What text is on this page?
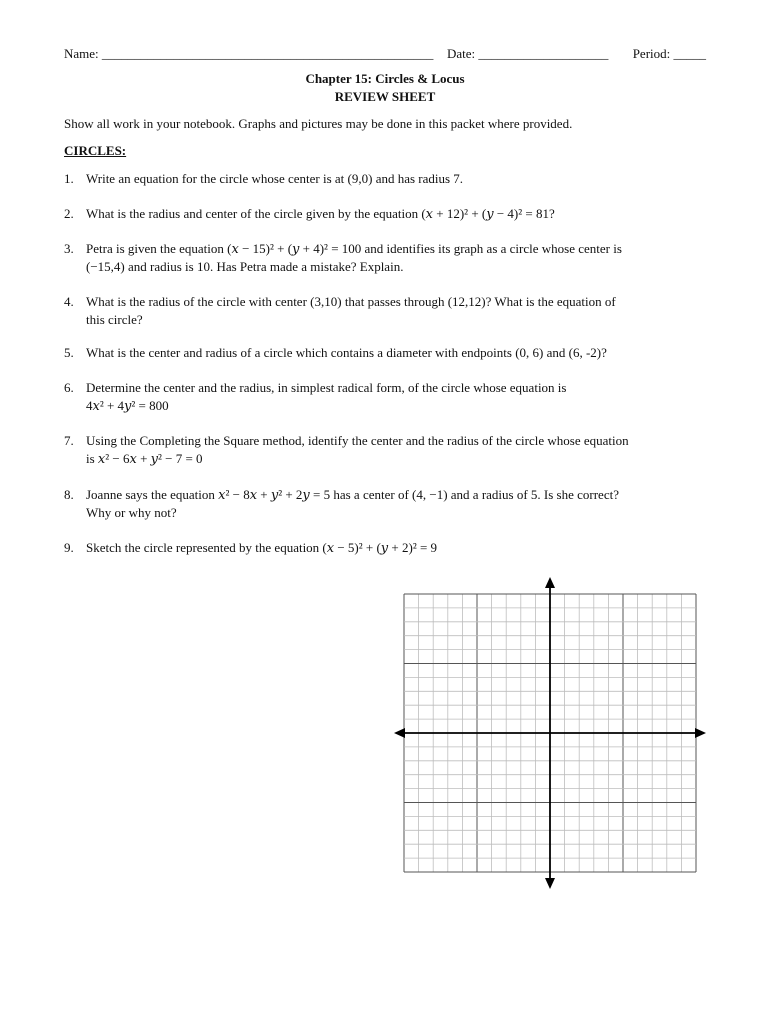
Name: ___________________________________________________ Date: ____________________ Period: _____
Chapter 15: Circles & Locus
REVIEW SHEET
Show all work in your notebook. Graphs and pictures may be done in this packet where provided.
CIRCLES:
1. Write an equation for the circle whose center is at (9,0) and has radius 7.
2. What is the radius and center of the circle given by the equation (𝑥 + 12)² + (𝑦 − 4)² = 81?
3. Petra is given the equation (𝑥 − 15)² + (𝑦 + 4)² = 100 and identifies its graph as a circle whose center is
(−15,4) and radius is 10. Has Petra made a mistake? Explain.
4. What is the radius of the circle with center (3,10) that passes through (12,12)? What is the equation of
this circle?
5. What is the center and radius of a circle which contains a diameter with endpoints (0, 6) and (6, -2)?
6. Determine the center and the radius, in simplest radical form, of the circle whose equation is
4𝑥² + 4𝑦² = 800
7. Using the Completing the Square method, identify the center and the radius of the circle whose equation
is 𝑥² − 6𝑥 + 𝑦² − 7 = 0
8. Joanne says the equation 𝑥² − 8𝑥 + 𝑦² + 2𝑦 = 5 has a center of (4, −1) and a radius of 5. Is she correct?
Why or why not?
9. Sketch the circle represented by the equation (𝑥 − 5)² + (𝑦 + 2)² = 9
